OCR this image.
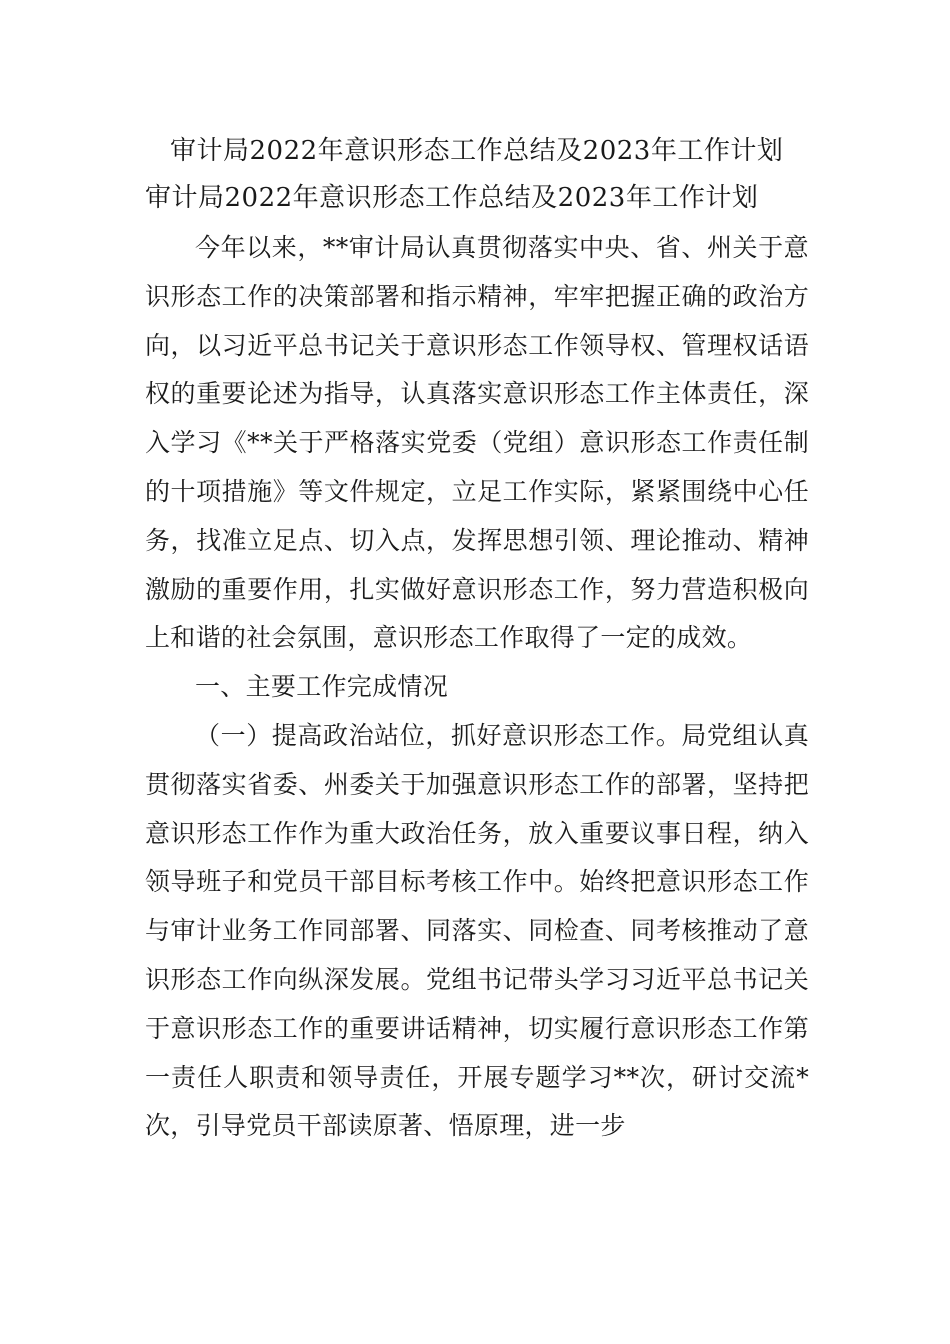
审计局2022年意识形态工作总结及2023年工作计划
审计局2022年意识形态工作总结及2023年工作计划

今年以来，**审计局认真贯彻落实中央、省、州关于意识形态工作的决策部署和指示精神，牢牢把握正确的政治方向，以习近平总书记关于意识形态工作领导权、管理权话语权的重要论述为指导，认真落实意识形态工作主体责任，深入学习《**关于严格落实党委（党组）意识形态工作责任制的十项措施》等文件规定，立足工作实际，紧紧围绕中心任务，找准立足点、切入点，发挥思想引领、理论推动、精神激励的重要作用，扎实做好意识形态工作，努力营造积极向上和谐的社会氛围，意识形态工作取得了一定的成效。

一、主要工作完成情况

（一）提高政治站位，抓好意识形态工作。局党组认真贯彻落实省委、州委关于加强意识形态工作的部署，坚持把意识形态工作作为重大政治任务，放入重要议事日程，纳入领导班子和党员干部目标考核工作中。始终把意识形态工作与审计业务工作同部署、同落实、同检查、同考核推动了意识形态工作向纵深发展。党组书记带头学习习近平总书记关于意识形态工作的重要讲话精神，切实履行意识形态工作第一责任人职责和领导责任，开展专题学习**次，研讨交流*次，引导党员干部读原著、悟原理，进一步
